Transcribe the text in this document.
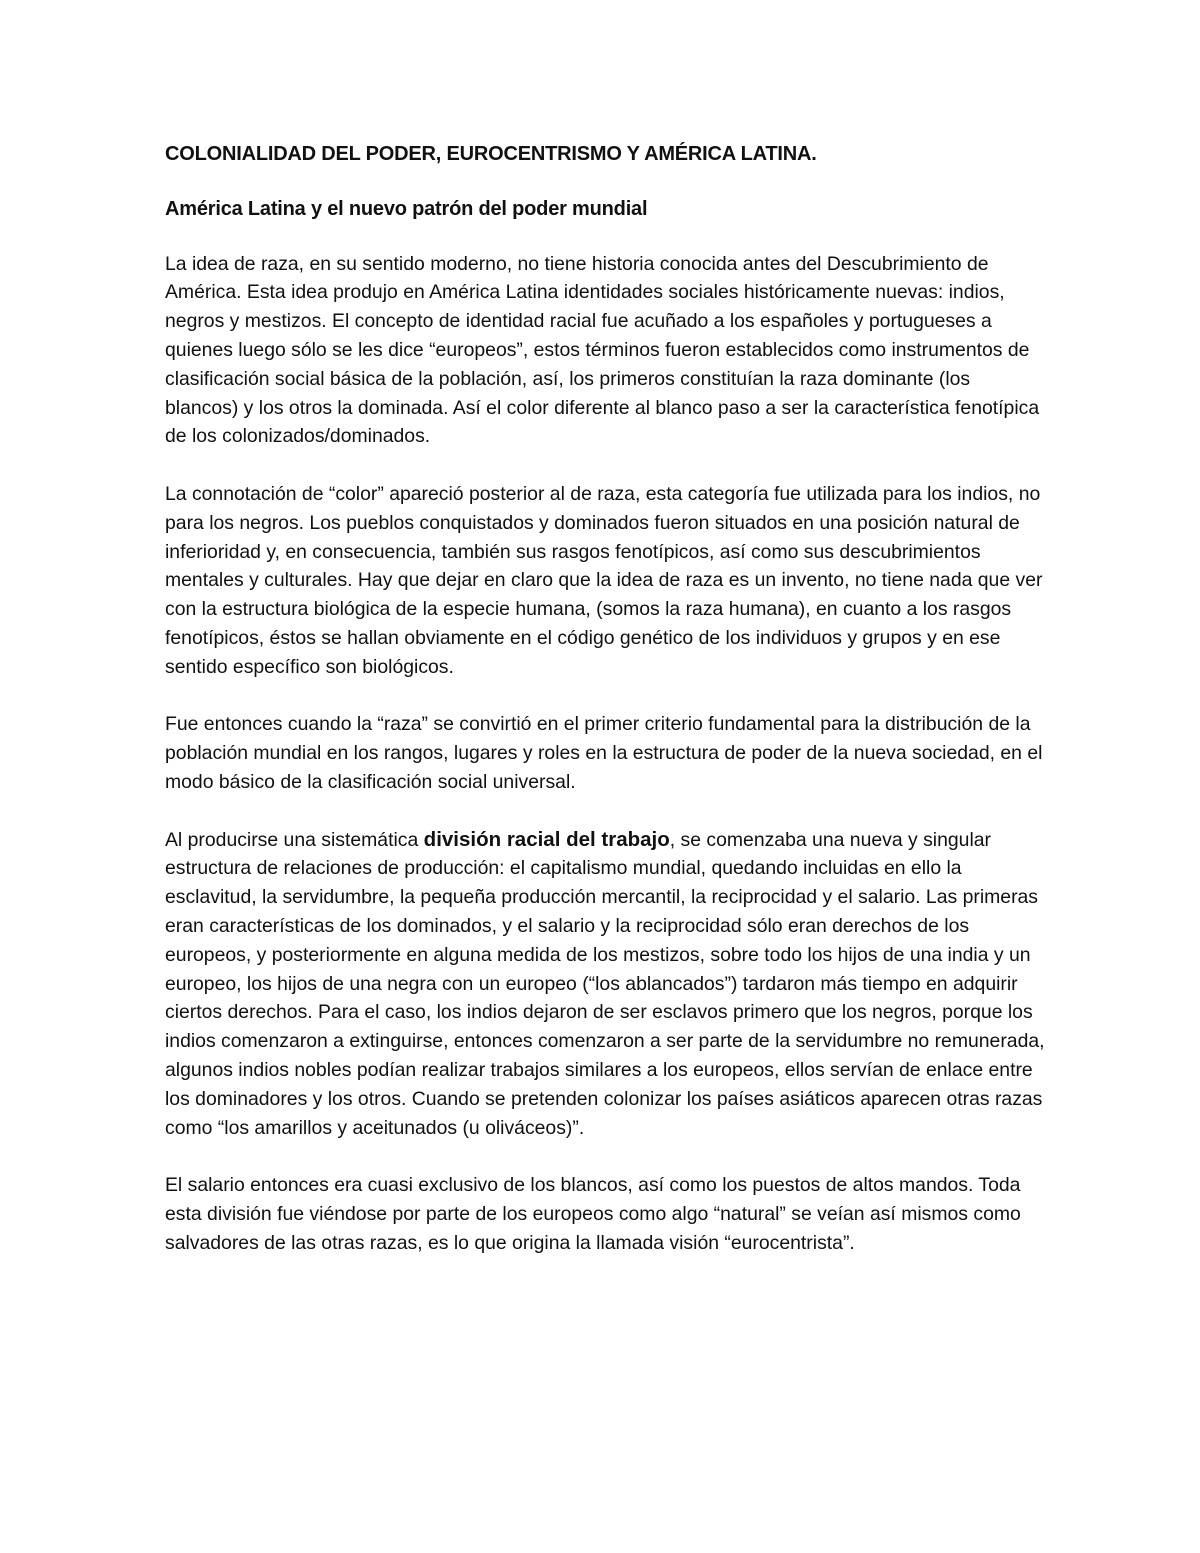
COLONIALIDAD DEL PODER, EUROCENTRISMO Y AMÉRICA LATINA.
América Latina y el nuevo patrón del poder mundial

La idea de raza, en su sentido moderno, no tiene historia conocida antes del Descubrimiento de América. Esta idea produjo en América Latina identidades sociales históricamente nuevas: indios, negros y mestizos. El concepto de identidad racial fue acuñado a los españoles y portugueses a quienes luego sólo se les dice “europeos”, estos términos fueron establecidos como instrumentos de clasificación social básica de la población, así, los primeros constituían la raza dominante (los blancos) y los otros la dominada. Así el color diferente al blanco paso a ser la característica fenotípica de los colonizados/dominados.

La connotación de “color” apareció posterior al de raza, esta categoría fue utilizada para los indios, no para los negros. Los pueblos conquistados y dominados fueron situados en una posición natural de inferioridad y, en consecuencia, también sus rasgos fenotípicos, así como sus descubrimientos mentales y culturales. Hay que dejar en claro que la idea de raza es un invento, no tiene nada que ver con la estructura biológica de la especie humana, (somos la raza humana), en cuanto a los rasgos fenotípicos, éstos se hallan obviamente en el código genético de los individuos y grupos y en ese sentido específico son biológicos.

Fue entonces cuando la “raza” se convirtió en el primer criterio fundamental para la distribución de la población mundial en los rangos, lugares y roles en la estructura de poder de la nueva sociedad, en el modo básico de la clasificación social universal.

Al producirse una sistemática división racial del trabajo, se comenzaba una nueva y singular estructura de relaciones de producción: el capitalismo mundial, quedando incluidas en ello la esclavitud, la servidumbre, la pequeña producción mercantil, la reciprocidad y el salario. Las primeras eran características de los dominados, y el salario y la reciprocidad sólo eran derechos de los europeos, y posteriormente en alguna medida de los mestizos, sobre todo los hijos de una india y un europeo, los hijos de una negra con un europeo (“los ablancados”) tardaron más tiempo en adquirir ciertos derechos. Para el caso, los indios dejaron de ser esclavos primero que los negros, porque los indios comenzaron a extinguirse, entonces comenzaron a ser parte de la servidumbre no remunerada, algunos indios nobles podían realizar trabajos similares a los europeos, ellos servían de enlace entre los dominadores y los otros. Cuando se pretenden colonizar los países asiáticos aparecen otras razas como “los amarillos y aceitunados (u oliváceos)”.

El salario entonces era cuasi exclusivo de los blancos, así como los puestos de altos mandos. Toda esta división fue viéndose por parte de los europeos como algo “natural” se veían así mismos como salvadores de las otras razas, es lo que origina la llamada visión “eurocentrista”.
